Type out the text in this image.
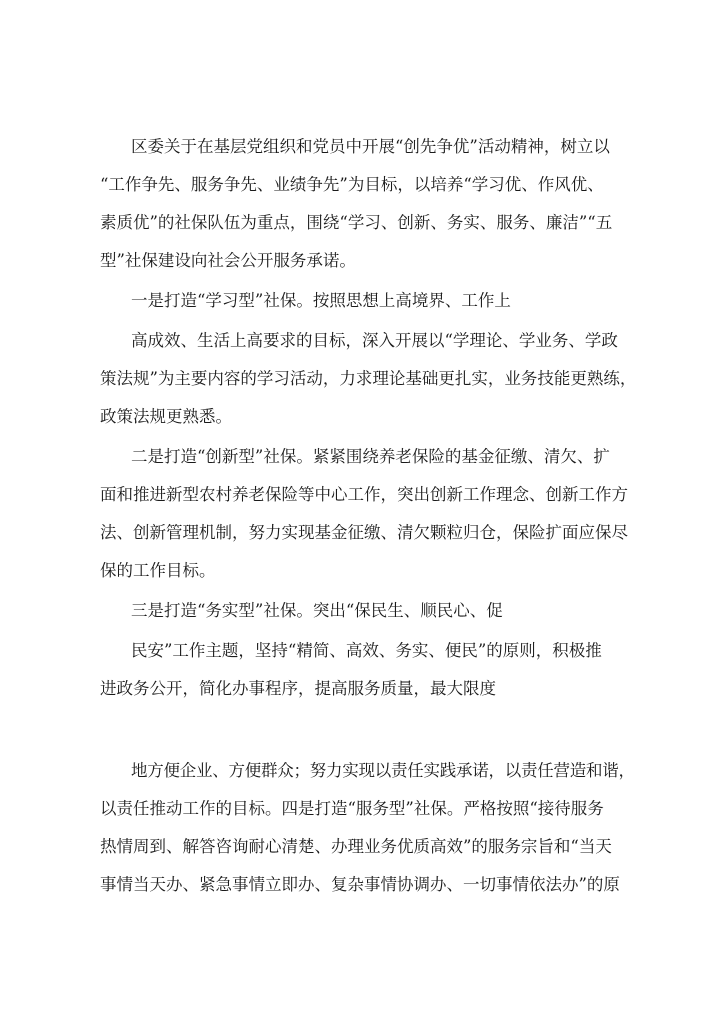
区委关于在基层党组织和党员中开展“创先争优”活动精神，树立以

“工作争先、服务争先、业绩争先”为目标，以培养“学习优、作风优、

素质优”的社保队伍为重点，围绕“学习、创新、务实、服务、廉洁”“五

型”社保建设向社会公开服务承诺。

一是打造“学习型”社保。按照思想上高境界、工作上

高成效、生活上高要求的目标，深入开展以“学理论、学业务、学政

策法规”为主要内容的学习活动，力求理论基础更扎实，业务技能更熟练，

政策法规更熟悉。

二是打造“创新型”社保。紧紧围绕养老保险的基金征缴、清欠、扩

面和推进新型农村养老保险等中心工作，突出创新工作理念、创新工作方

法、创新管理机制，努力实现基金征缴、清欠颗粒归仓，保险扩面应保尽

保的工作目标。

三是打造“务实型”社保。突出“保民生、顺民心、促

民安”工作主题，坚持“精简、高效、务实、便民”的原则，积极推

进政务公开，简化办事程序，提高服务质量，最大限度

地方便企业、方便群众；努力实现以责任实践承诺，以责任营造和谐，

以责任推动工作的目标。四是打造“服务型”社保。严格按照“接待服务

热情周到、解答咨询耐心清楚、办理业务优质高效”的服务宗旨和“当天

事情当天办、紧急事情立即办、复杂事情协调办、一切事情依法办”的原
